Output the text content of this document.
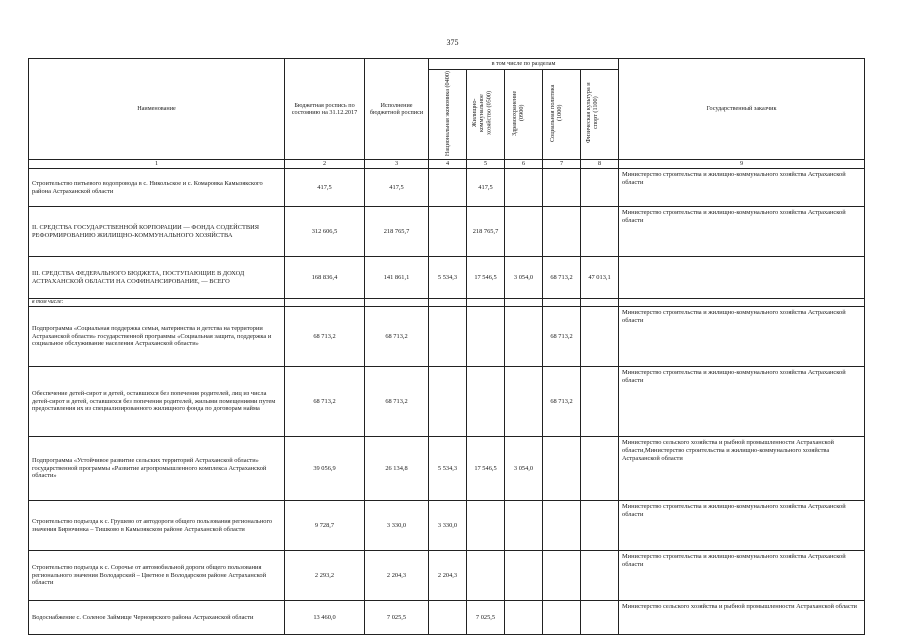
375
Наименование	Бюджетная роспись по состоянию на 31.12.2017	Исполнение бюджетной росписи	в том числе по разделам					Государственный заказчик
			Национальная экономика (0400)	Жилищно-коммунальное хозяйство (0500)	Здравоохранение (0900)	Социальная политика (1000)	Физическая культура и спорт (1100)	
1	2	3	4	5	6	7	8	9
Строительство питьевого водопровода в с. Никольское и с. Комаровка Камызякского района Астраханской области	417,5	417,5		417,5				Министерство строительства и жилищно-коммунального хозяйства Астраханской области
II. СРЕДСТВА ГОСУДАРСТВЕННОЙ КОРПОРАЦИИ — ФОНДА СОДЕЙСТВИЯ РЕФОРМИРОВАНИЮ ЖИЛИЩНО-КОММУНАЛЬНОГО ХОЗЯЙСТВА	312 606,5	218 765,7		218 765,7				Министерство строительства и жилищно-коммунального хозяйства Астраханской области
III. СРЕДСТВА ФЕДЕРАЛЬНОГО БЮДЖЕТА, ПОСТУПАЮЩИЕ В ДОХОД АСТРАХАНСКОЙ ОБЛАСТИ НА СОФИНАНСИРОВАНИЕ, — ВСЕГО	168 836,4	141 861,1	5 534,3	17 546,5	3 054,0	68 713,2	47 013,1	
в том числе:								
Подпрограмма «Социальная поддержка семьи, материнства и детства на территории Астраханской области» государственной программы «Социальная защита, поддержка и социальное обслуживание населения Астраханской области»	68 713,2	68 713,2				68 713,2		Министерство строительства и жилищно-коммунального хозяйства Астраханской области
Обеспечение детей-сирот и детей, оставшихся без попечения родителей, лиц из числа детей-сирот и детей, оставшихся без попечения родителей, жилыми помещениями путем предоставления их из специализированного жилищного фонда по договорам найма	68 713,2	68 713,2				68 713,2		Министерство строительства и жилищно-коммунального хозяйства Астраханской области
Подпрограмма «Устойчивое развитие сельских территорий Астраханской области» государственной программы «Развитие агропромышленного комплекса Астраханской области»	39 056,9	26 134,8	5 534,3	17 546,5	3 054,0			Министерство сельского хозяйства и рыбной промышленности Астраханской области,Министерство строительства и жилищно-коммунального хозяйства Астраханской области
Строительство подъезда к с. Грушево от автодороги общего пользования регионального значения Бирючинка – Тишково в Камызякском районе Астраханской области	9 728,7	3 330,0	3 330,0					Министерство строительства и жилищно-коммунального хозяйства Астраханской области
Строительство подъезда к с. Сорочье от автомобильной дороги общего пользования регионального значения Володарский – Цветное в Володарском районе Астраханской области	2 293,2	2 204,3	2 204,3					Министерство строительства и жилищно-коммунального хозяйства Астраханской области
Водоснабжение с. Соленое Займище Черноярского района Астраханской области	13 460,0	7 025,5		7 025,5				Министерство сельского хозяйства и рыбной промышленности Астраханской области
